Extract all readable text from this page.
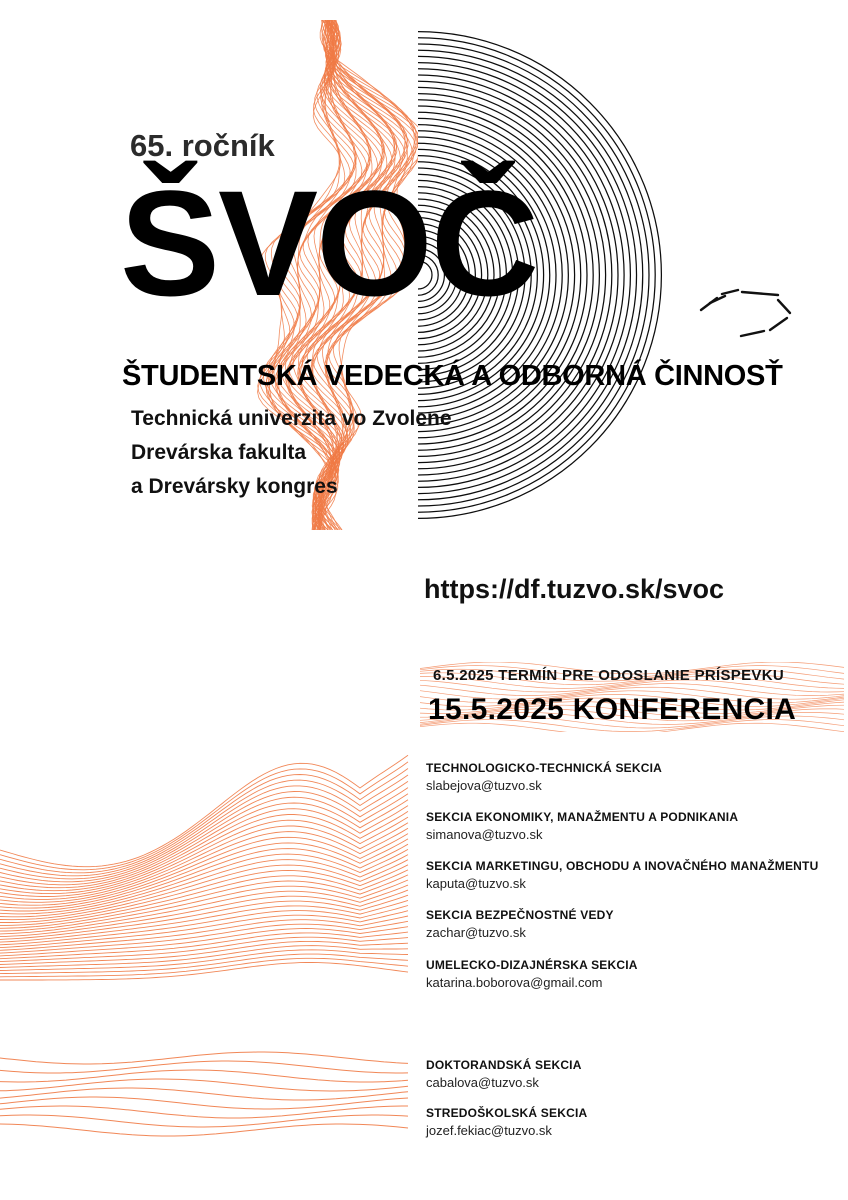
65. ročník

ŠVOČ

ŠTUDENTSKÁ VEDECKÁ A ODBORNÁ ČINNOSŤ

Technická univerzita vo Zvolene

Drevárska fakulta

a Drevársky kongres

https://df.tuzvo.sk/svoc

6.5.2025 TERMÍN PRE ODOSLANIE PRÍSPEVKU

15.5.2025 KONFERENCIA

TECHNOLOGICKO-TECHNICKÁ SEKCIA
slabejova@tuzvo.sk
SEKCIA EKONOMIKY, MANAŽMENTU A PODNIKANIA
simanova@tuzvo.sk
SEKCIA MARKETINGU, OBCHODU A INOVAČNÉHO MANAŽMENTU
kaputa@tuzvo.sk
SEKCIA BEZPEČNOSTNÉ VEDY
zachar@tuzvo.sk
UMELECKO-DIZAJNÉRSKA SEKCIA
katarina.boborova@gmail.com
DOKTORANDSKÁ SEKCIA
cabalova@tuzvo.sk
STREDOŠKOLSKÁ SEKCIA
jozef.fekiac@tuzvo.sk
